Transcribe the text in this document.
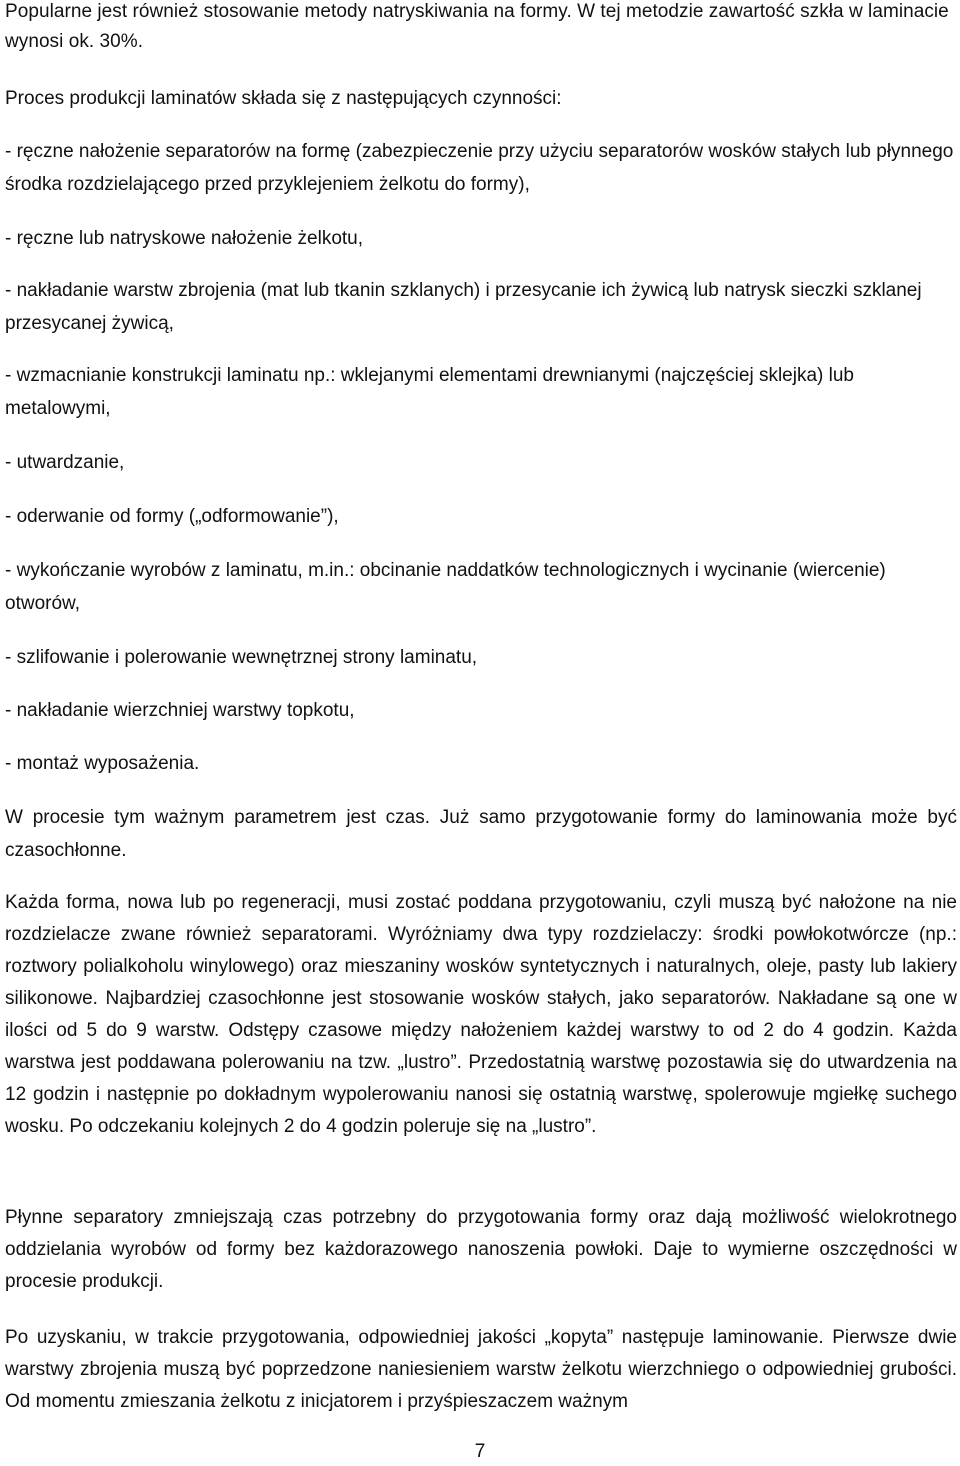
Popularne jest również stosowanie metody natryskiwania na formy. W tej metodzie zawartość szkła w laminacie wynosi ok. 30%.

Proces produkcji laminatów składa się z następujących czynności:

- ręczne nałożenie separatorów na formę (zabezpieczenie przy użyciu separatorów wosków stałych lub płynnego środka rozdzielającego przed przyklejeniem żelkotu do formy),

- ręczne lub natryskowe nałożenie żelkotu,

- nakładanie warstw zbrojenia (mat lub tkanin szklanych) i przesycanie ich żywicą lub natrysk sieczki szklanej przesycanej żywicą,

- wzmacnianie konstrukcji laminatu np.: wklejanymi elementami drewnianymi (najczęściej sklejka) lub metalowymi,

- utwardzanie,

- oderwanie od formy („odformowanie”),

- wykończanie wyrobów z laminatu, m.in.: obcinanie naddatków technologicznych i wycinanie (wiercenie) otworów,

- szlifowanie i polerowanie wewnętrznej strony laminatu,

- nakładanie wierzchniej warstwy topkotu,

- montaż wyposażenia.

W procesie tym ważnym parametrem jest czas. Już samo przygotowanie formy do laminowania może być czasochłonne.

Każda forma, nowa lub po regeneracji, musi zostać poddana przygotowaniu, czyli muszą być nałożone na nie rozdzielacze zwane również separatorami. Wyróżniamy dwa typy rozdzielaczy: środki powłokotwórcze (np.: roztwory polialkoholu winylowego) oraz mieszaniny wosków syntetycznych i naturalnych, oleje, pasty lub lakiery silikonowe. Najbardziej czasochłonne jest stosowanie wosków stałych, jako separatorów. Nakładane są one w ilości od 5 do 9 warstw. Odstępy czasowe między nałożeniem każdej warstwy to od 2 do 4 godzin. Każda warstwa jest poddawana polerowaniu na tzw. „lustro”. Przedostatnią warstwę pozostawia się do utwardzenia na 12 godzin i następnie po dokładnym wypolerowaniu nanosi się ostatnią warstwę, spolerowuje mgiełkę suchego wosku. Po odczekaniu kolejnych 2 do 4 godzin poleruje się na „lustro”.

Płynne separatory zmniejszają czas potrzebny do przygotowania formy oraz dają możliwość wielokrotnego oddzielania wyrobów od formy bez każdorazowego nanoszenia powłoki. Daje to wymierne oszczędności w procesie produkcji.

Po uzyskaniu, w trakcie przygotowania, odpowiedniej jakości „kopyta” następuje laminowanie. Pierwsze dwie warstwy zbrojenia muszą być poprzedzone naniesieniem warstw żelkotu wierzchniego o odpowiedniej grubości. Od momentu zmieszania żelkotu z inicjatorem i przyśpieszaczem ważnym

7
